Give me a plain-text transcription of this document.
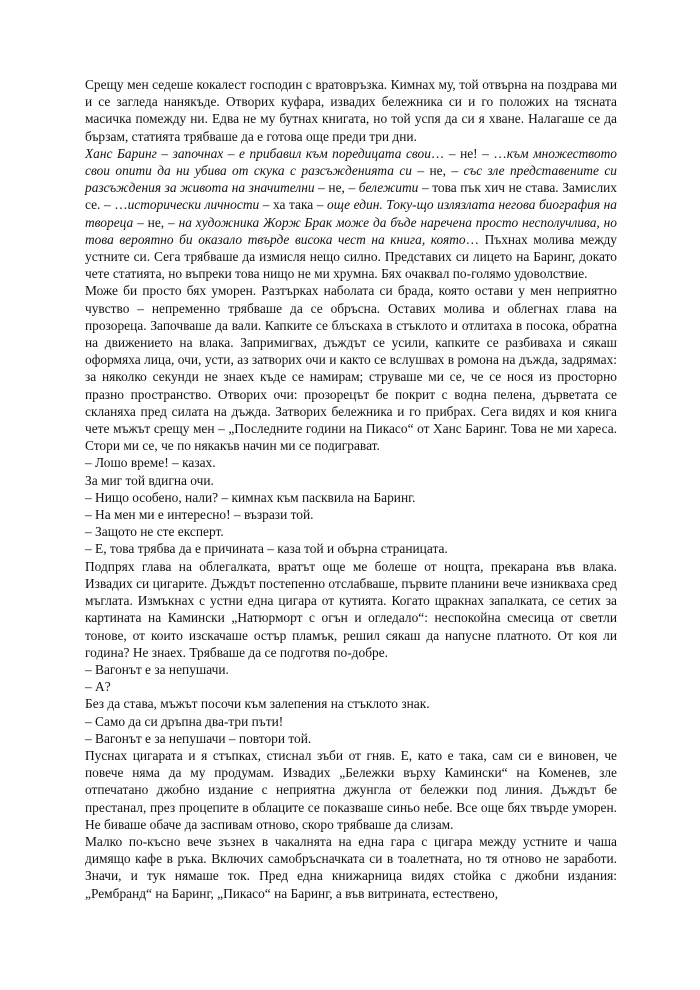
Срещу мен седеше кокалест господин с вратовръзка. Кимнах му, той отвърна на поздрава ми и се загледа нанякъде. Отворих куфара, извадих бележника си и го положих на тясната масичка помежду ни. Едва не му бутнах книгата, но той успя да си я хване. Налагаше се да бързам, статията трябваше да е готова още преди три дни.

Ханс Баринг – започнах – е прибавил към поредицата свои… – не! – …към множеството свои опити да ни убива от скука с разсъжденията си – не, – със зле представените си разсъждения за живота на значителни – не, – бележити – това пък хич не става. Замислих се. – …исторически личности – ха така – още един. Току-що излязлата негова биография на твореца – не, – на художника Жорж Брак може да бъде наречена просто несполучлива, но това вероятно би оказало твърде висока чест на книга, която… Пъхнах молива между устните си. Сега трябваше да измисля нещо силно. Представих си лицето на Баринг, докато чете статията, но въпреки това нищо не ми хрумна. Бях очаквал по-голямо удоволствие.

Може би просто бях уморен. Разтърках наболата си брада, която остави у мен неприятно чувство – непременно трябваше да се обръсна. Оставих молива и облегнах глава на прозореца. Започваше да вали. Капките се блъскаха в стъклото и отлитаха в посока, обратна на движението на влака. Запримигвах, дъждът се усили, капките се разбиваха и сякаш оформяха лица, очи, усти, аз затворих очи и както се вслушвах в ромона на дъжда, задрямах: за няколко секунди не знаех къде се намирам; струваше ми се, че се нося из просторно празно пространство. Отворих очи: прозорецът бе покрит с водна пелена, дърветата се скланяха пред силата на дъжда. Затворих бележника и го прибрах. Сега видях и коя книга чете мъжът срещу мен – „Последните години на Пикасо“ от Ханс Баринг. Това не ми хареса. Стори ми се, че по някакъв начин ми се подиграват.

– Лошо време! – казах.

За миг той вдигна очи.

– Нищо особено, нали? – кимнах към пасквила на Баринг.

– На мен ми е интересно! – възрази той.

– Защото не сте експерт.

– Е, това трябва да е причината – каза той и обърна страницата.

Подпрях глава на облегалката, вратът още ме болеше от нощта, прекарана във влака. Извадих си цигарите. Дъждът постепенно отслабваше, първите планини вече изникваха сред мъглата. Измъкнах с устни една цигара от кутията. Когато щракнах запалката, се сетих за картината на Камински „Натюрморт с огън и огледало“: неспокойна смесица от светли тонове, от които изскачаше остър пламък, решил сякаш да напусне платното. От коя ли година? Не знаех. Трябваше да се подготвя по-добре.

– Вагонът е за непушачи.

– А?

Без да става, мъжът посочи към залепения на стъклото знак.

– Само да си дръпна два-три пъти!

– Вагонът е за непушачи – повтори той.

Пуснах цигарата и я стъпках, стиснал зъби от гняв. Е, като е така, сам си е виновен, че повече няма да му продумам. Извадих „Бележки върху Камински“ на Коменев, зле отпечатано джобно издание с неприятна джунгла от бележки под линия. Дъждът бе престанал, през процепите в облаците се показваше синьо небе. Все още бях твърде уморен. Не биваше обаче да заспивам отново, скоро трябваше да слизам.

Малко по-късно вече зъзнех в чакалнята на една гара с цигара между устните и чаша димящо кафе в ръка. Включих самобръсначката си в тоалетната, но тя отново не заработи. Значи, и тук нямаше ток. Пред една книжарница видях стойка с джобни издания: „Рембранд“ на Баринг, „Пикасо“ на Баринг, а във витрината, естествено,
